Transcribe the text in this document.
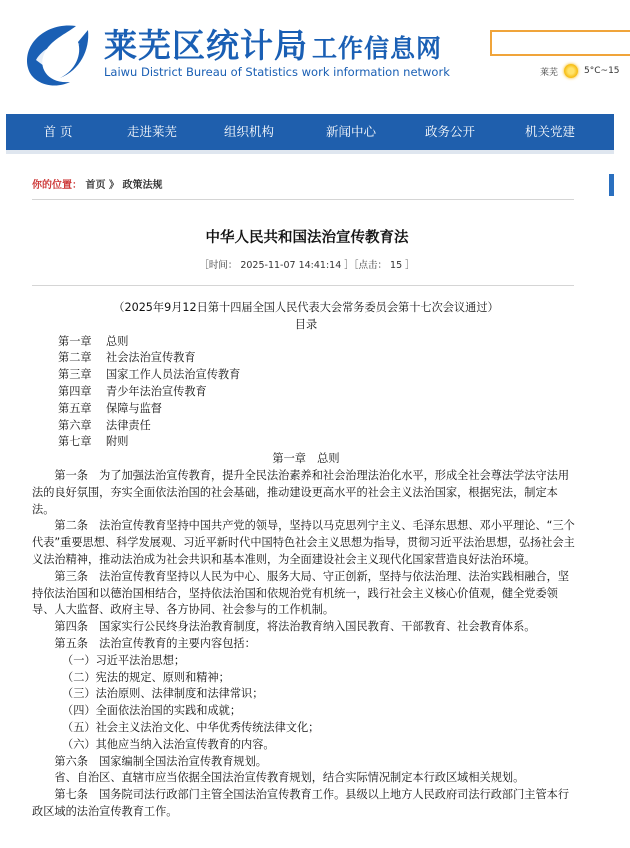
莱芜区统计局 工作信息网
Laiwu District Bureau of Statistics work information network	莱芜	5°C~15
首 页	走进莱芜	组织机构	新闻中心	政务公开	机关党建
你的位置： 首页 》 政策法规
中华人民共和国法治宣传教育法
［时间： 2025-11-07 14:41:14 ］［点击： 15 ］

（2025年9月12日第十四届全国人民代表大会常务委员会第十七次会议通过）

目录

第一章 总则

第二章 社会法治宣传教育

第三章 国家工作人员法治宣传教育

第四章 青少年法治宣传教育

第五章 保障与监督

第六章 法律责任

第七章 附则

第一章　总则

第一条　为了加强法治宣传教育，提升全民法治素养和社会治理法治化水平，形成全社会尊法学法守法用法的良好氛围，夯实全面依法治国的社会基础，推动建设更高水平的社会主义法治国家，根据宪法，制定本法。

第二条　法治宣传教育坚持中国共产党的领导，坚持以马克思列宁主义、毛泽东思想、邓小平理论、“三个代表”重要思想、科学发展观、习近平新时代中国特色社会主义思想为指导，贯彻习近平法治思想，弘扬社会主义法治精神，推动法治成为社会共识和基本准则，为全面建设社会主义现代化国家营造良好法治环境。

第三条　法治宣传教育坚持以人民为中心、服务大局、守正创新，坚持与依法治理、法治实践相融合，坚持依法治国和以德治国相结合，坚持依法治国和依规治党有机统一，践行社会主义核心价值观，健全党委领导、人大监督、政府主导、各方协同、社会参与的工作机制。

第四条　国家实行公民终身法治教育制度，将法治教育纳入国民教育、干部教育、社会教育体系。

第五条　法治宣传教育的主要内容包括：

（一）习近平法治思想；

（二）宪法的规定、原则和精神；

（三）法治原则、法律制度和法律常识；

（四）全面依法治国的实践和成就；

（五）社会主义法治文化、中华优秀传统法律文化；

（六）其他应当纳入法治宣传教育的内容。

第六条　国家编制全国法治宣传教育规划。

省、自治区、直辖市应当依据全国法治宣传教育规划，结合实际情况制定本行政区域相关规划。

第七条　国务院司法行政部门主管全国法治宣传教育工作。县级以上地方人民政府司法行政部门主管本行政区域的法治宣传教育工作。
